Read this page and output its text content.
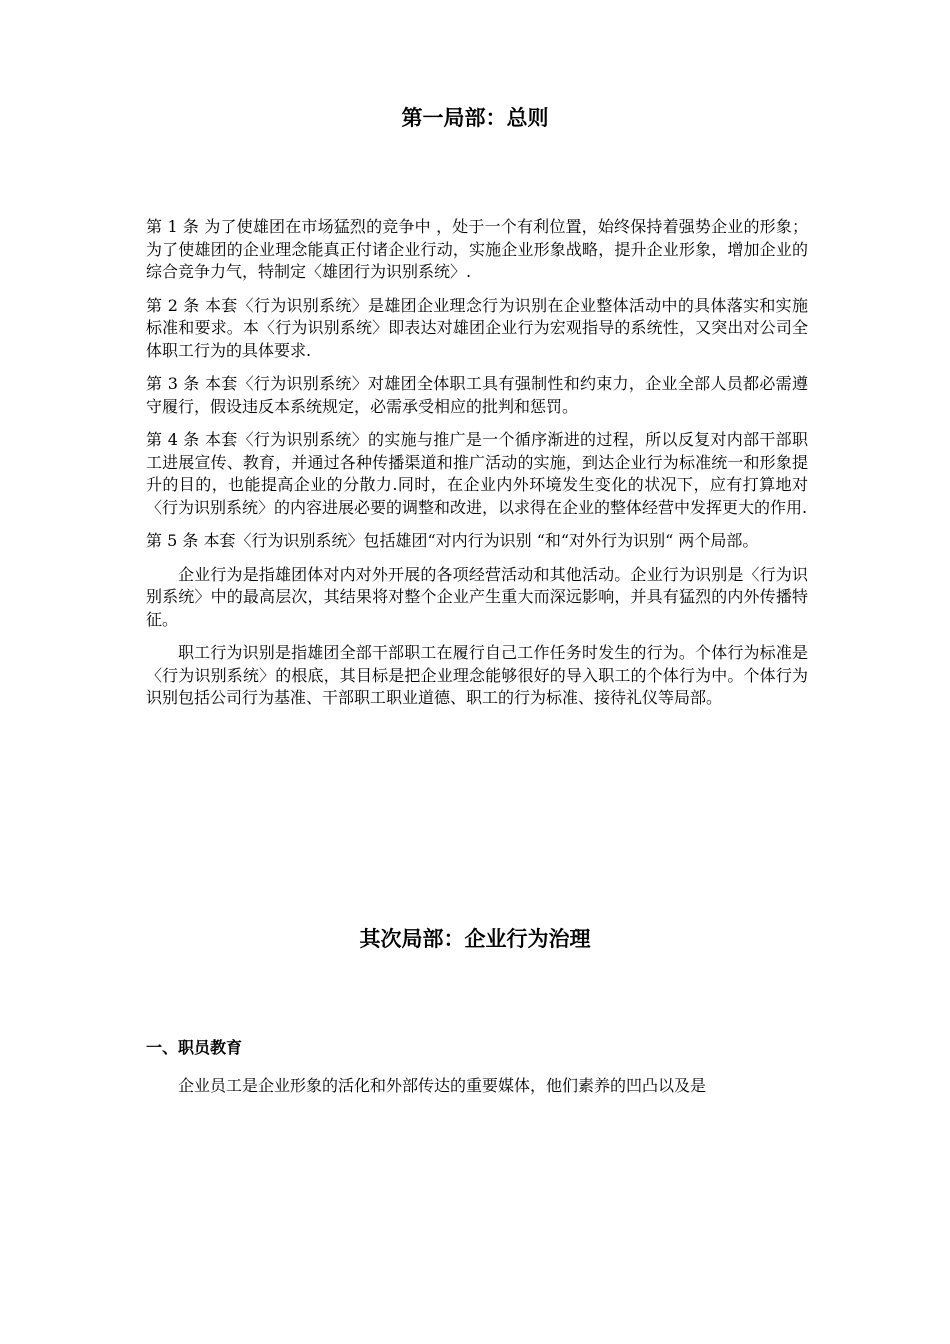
第一局部：总则

第 1 条 为了使雄团在市场猛烈的竞争中 ，处于一个有利位置，始终保持着强势企业的形象；为了使雄团的企业理念能真正付诸企业行动，实施企业形象战略，提升企业形象，增加企业的综合竞争力气，特制定〈雄团行为识别系统〉.

第 2 条 本套〈行为识别系统〉是雄团企业理念行为识别在企业整体活动中的具体落实和实施标准和要求。本〈行为识别系统〉即表达对雄团企业行为宏观指导的系统性，又突出对公司全体职工行为的具体要求.

第 3 条 本套〈行为识别系统〉对雄团全体职工具有强制性和约束力，企业全部人员都必需遵守履行，假设违反本系统规定，必需承受相应的批判和惩罚。

第 4 条 本套〈行为识别系统〉的实施与推广是一个循序渐进的过程，所以反复对内部干部职工进展宣传、教育，并通过各种传播渠道和推广活动的实施，到达企业行为标准统一和形象提升的目的，也能提高企业的分散力.同时，在企业内外环境发生变化的状况下，应有打算地对〈行为识别系统〉的内容进展必要的调整和改进，以求得在企业的整体经营中发挥更大的作用.

第 5 条 本套〈行为识别系统〉包括雄团“对内行为识别 “和“对外行为识别“ 两个局部。

企业行为是指雄团体对内对外开展的各项经营活动和其他活动。企业行为识别是〈行为识别系统〉中的最高层次，其结果将对整个企业产生重大而深远影响，并具有猛烈的内外传播特征。

职工行为识别是指雄团全部干部职工在履行自己工作任务时发生的行为。个体行为标准是〈行为识别系统〉的根底，其目标是把企业理念能够很好的导入职工的个体行为中。个体行为识别包括公司行为基准、干部职工职业道德、职工的行为标准、接待礼仪等局部。

其次局部：企业行为治理
一、职员教育

企业员工是企业形象的活化和外部传达的重要媒体，他们素养的凹凸以及是
